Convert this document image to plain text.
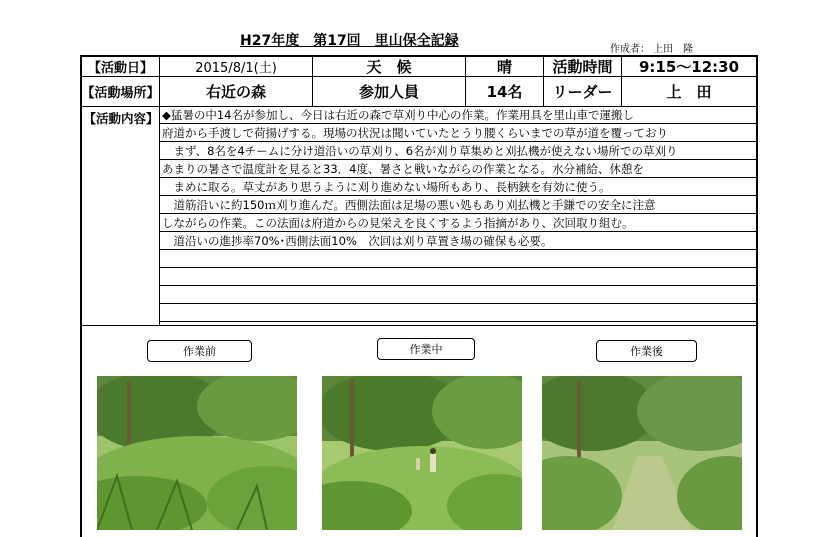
H27年度　第17回　里山保全記録
作成者： 上田　隆
【活動日】	2015/8/1(土)	天　候	晴	活動時間	9:15～12:30
【活動場所】	右近の森	参加人員	14名	リーダー	上　田
【活動内容】 ◆猛暑の中14名が参加し、今日は右近の森で草刈り中心の作業。作業用具を里山車で運搬し
府道から手渡しで荷揚げする。現場の状況は聞いていたとうり腰くらいまでの草が道を覆っており
　まず、8名を4チームに分け道沿いの草刈り、6名が刈り草集めと刈払機が使えない場所での草刈り
あまりの暑さで温度計を見ると33．4度、暑さと戦いながらの作業となる。水分補給、休憩を
　まめに取る。草丈があり思うように刈り進めない場所もあり、長柄鋏を有効に使う。
　道筋沿いに約150ｍ刈り進んだ。西側法面は足場の悪い処もあり刈払機と手鎌での安全に注意
しながらの作業。この法面は府道からの見栄えを良くするよう指摘があり、次回取り組む。
　道沿いの進捗率70%･西側法面10%　次回は刈り草置き場の確保も必要。
作業前	作業中	作業後
